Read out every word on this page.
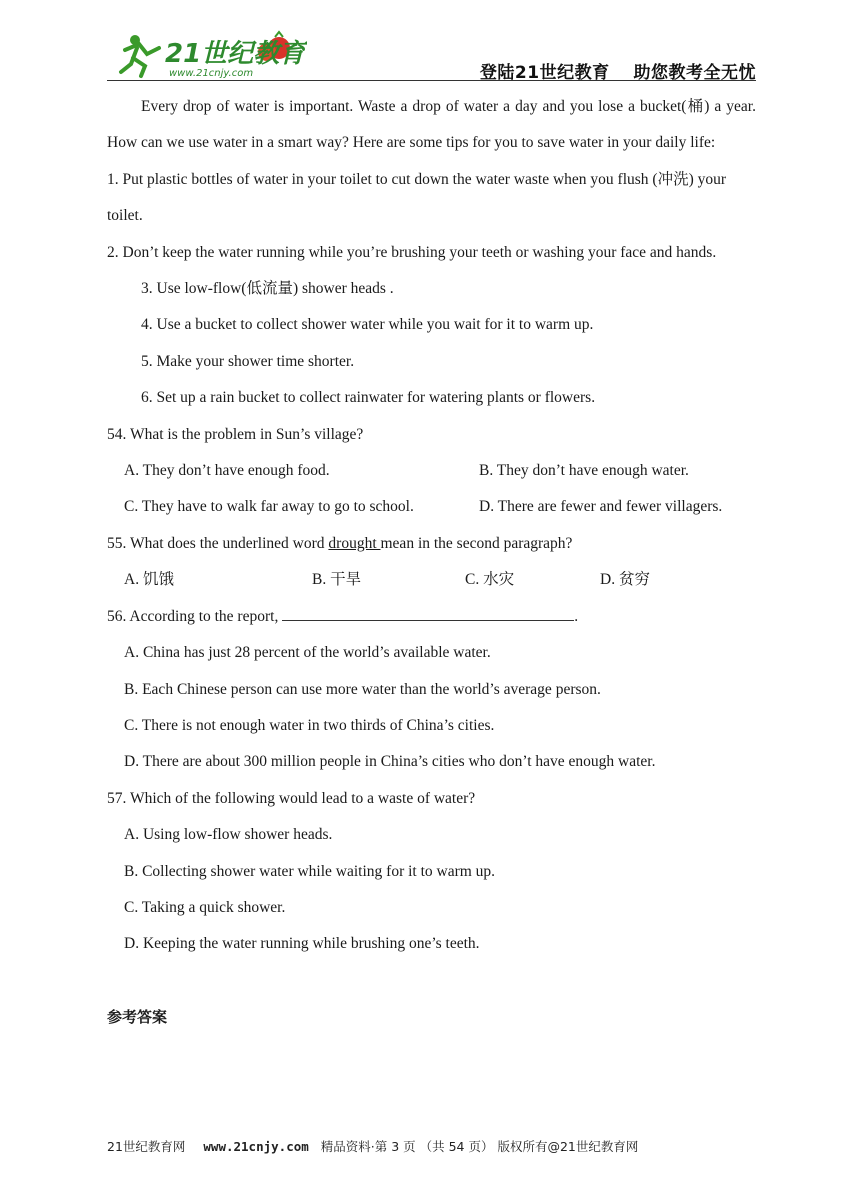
21世纪教育
www.21cnjy.com	登陆21世纪教育　 助您教考全无忧

Every drop of water is important. Waste a drop of water a day and you lose a bucket(桶) a year. How can we use water in a smart way? Here are some tips for you to save water in your daily life:

1. Put plastic bottles of water in your toilet to cut down the water waste when you flush (冲洗) your toilet.

2. Don’t keep the water running while you’re brushing your teeth or washing your face and hands.

3. Use low-flow(低流量) shower heads .

4. Use a bucket to collect shower water while you wait for it to warm up.

5. Make your shower time shorter.

6. Set up a rain bucket to collect rainwater for watering plants or flowers.

54. What is the problem in Sun’s village?

A. They don’t have enough food.	B. They don’t have enough water.
C. They have to walk far away to go to school.	D. There are fewer and fewer villagers.

55. What does the underlined word drought mean in the second paragraph?

A. 饥饿	B. 干旱	C. 水灾	D. 贫穷

56. According to the report,	.

A. China has just 28 percent of the world’s available water.

B. Each Chinese person can use more water than the world’s average person.

C. There is not enough water in two thirds of China’s cities.

D. There are about 300 million people in China’s cities who don’t have enough water.

57. Which of the following would lead to a waste of water?

A. Using low-flow shower heads.

B. Collecting shower water while waiting for it to warm up.

C. Taking a quick shower.

D. Keeping the water running while brushing one’s teeth.

参考答案

21世纪教育网 www.21cnjy.com 精品资料·第 3 页 （共 54 页） 版权所有@21世纪教育网
